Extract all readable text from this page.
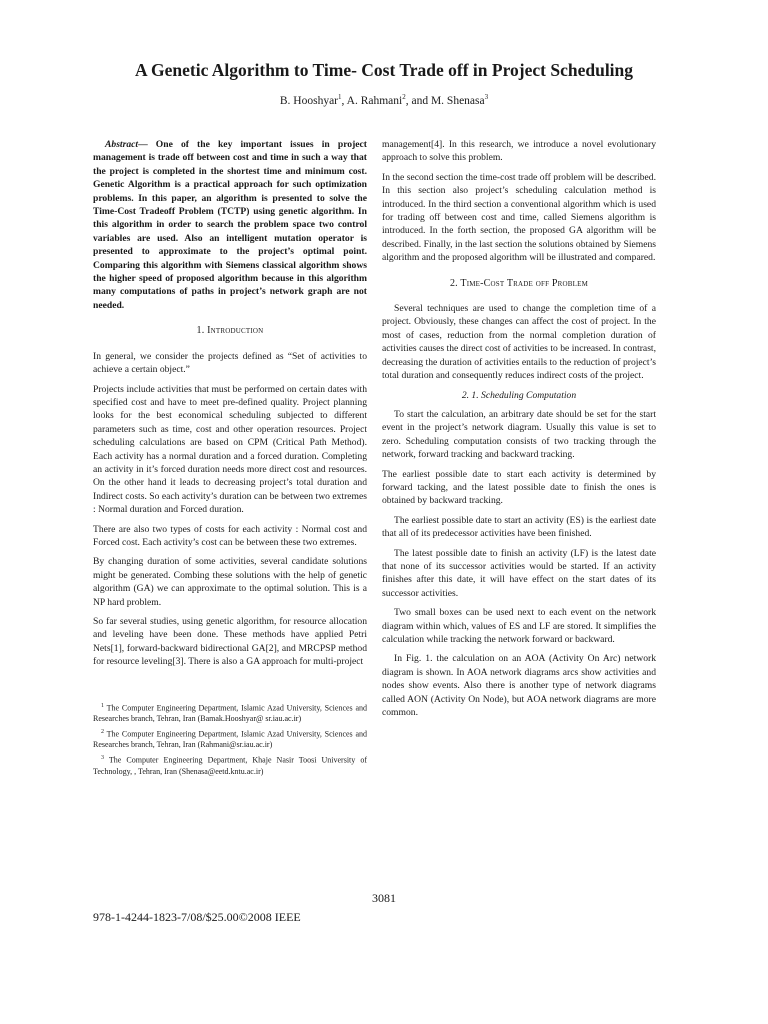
A Genetic Algorithm to Time- Cost Trade off in Project Scheduling
B. Hooshyar$^1$, A. Rahmani$^2$, and M. Shenasa$^3$

Abstract— One of the key important issues in project management is trade off between cost and time in such a way that the project is completed in the shortest time and minimum cost. Genetic Algorithm is a practical approach for such optimization problems. In this paper, an algorithm is presented to solve the Time-Cost Tradeoff Problem (TCTP) using genetic algorithm. In this algorithm in order to search the problem space two control variables are used. Also an intelligent mutation operator is presented to approximate to the project’s optimal point. Comparing this algorithm with Siemens classical algorithm shows the higher speed of proposed algorithm because in this algorithm many computations of paths in project’s network graph are not needed.

1. Introduction

In general, we consider the projects defined as “Set of activities to achieve a certain object.”

Projects include activities that must be performed on certain dates with specified cost and have to meet pre-defined quality. Project planning looks for the best economical scheduling subjected to different parameters such as time, cost and other operation resources. Project scheduling calculations are based on CPM (Critical Path Method). Each activity has a normal duration and a forced duration. Completing an activity in it’s forced duration needs more direct cost and resources. On the other hand it leads to decreasing project’s total duration and Indirect costs. So each activity’s duration can be between two extremes : Normal duration and Forced duration.

There are also two types of costs for each activity : Normal cost and Forced cost. Each activity’s cost can be between these two extremes.

By changing duration of some activities, several candidate solutions might be generated. Combing these solutions with the help of genetic algorithm (GA) we can approximate to the optimal solution. This is a NP hard problem.

So far several studies, using genetic algorithm, for resource allocation and leveling have been done. These methods have applied Petri Nets[1], forward-backward bidirectional GA[2], and MRCPSP method for resource leveling[3]. There is also a GA approach for multi-project

$^1$ The Computer Engineering Department, Islamic Azad University, Sciences and Researches branch, Tehran, Iran (Bamak.Hooshyar@ sr.iau.ac.ir)

$^2$ The Computer Engineering Department, Islamic Azad University, Sciences and Researches branch, Tehran, Iran (Rahmani@sr.iau.ac.ir)

$^3$ The Computer Engineering Department, Khaje Nasir Toosi University of Technology, , Tehran, Iran (Shenasa@eetd.kntu.ac.ir)

management[4]. In this research, we introduce a novel evolutionary approach to solve this problem.

In the second section the time-cost trade off problem will be described. In this section also project’s scheduling calculation method is introduced. In the third section a conventional algorithm which is used for trading off between cost and time, called Siemens algorithm is introduced. In the forth section, the proposed GA algorithm will be described. Finally, in the last section the solutions obtained by Siemens algorithm and the proposed algorithm will be illustrated and compared.

2. Time-Cost Trade off Problem

Several techniques are used to change the completion time of a project. Obviously, these changes can affect the cost of project. In the most of cases, reduction from the normal completion duration of activities causes the direct cost of activities to be increased. In contrast, decreasing the duration of activities entails to the reduction of project’s total duration and consequently reduces indirect costs of the project.

2. 1. Scheduling Computation

To start the calculation, an arbitrary date should be set for the start event in the project’s network diagram. Usually this value is set to zero. Scheduling computation consists of two tracking through the network, forward tracking and backward tracking.

The earliest possible date to start each activity is determined by forward tacking, and the latest possible date to finish the ones is obtained by backward tracking.

The earliest possible date to start an activity (ES) is the earliest date that all of its predecessor activities have been finished.

The latest possible date to finish an activity (LF) is the latest date that none of its successor activities would be started. If an activity finishes after this date, it will have effect on the start dates of its successor activities.

Two small boxes can be used next to each event on the network diagram within which, values of ES and LF are stored. It simplifies the calculation while tracking the network forward or backward.

In Fig. 1. the calculation on an AOA (Activity On Arc) network diagram is shown. In AOA network diagrams arcs show activities and nodes show events. Also there is another type of network diagrams called AON (Activity On Node), but AOA network diagrams are more common.

3081
978-1-4244-1823-7/08/$25.00©2008 IEEE
